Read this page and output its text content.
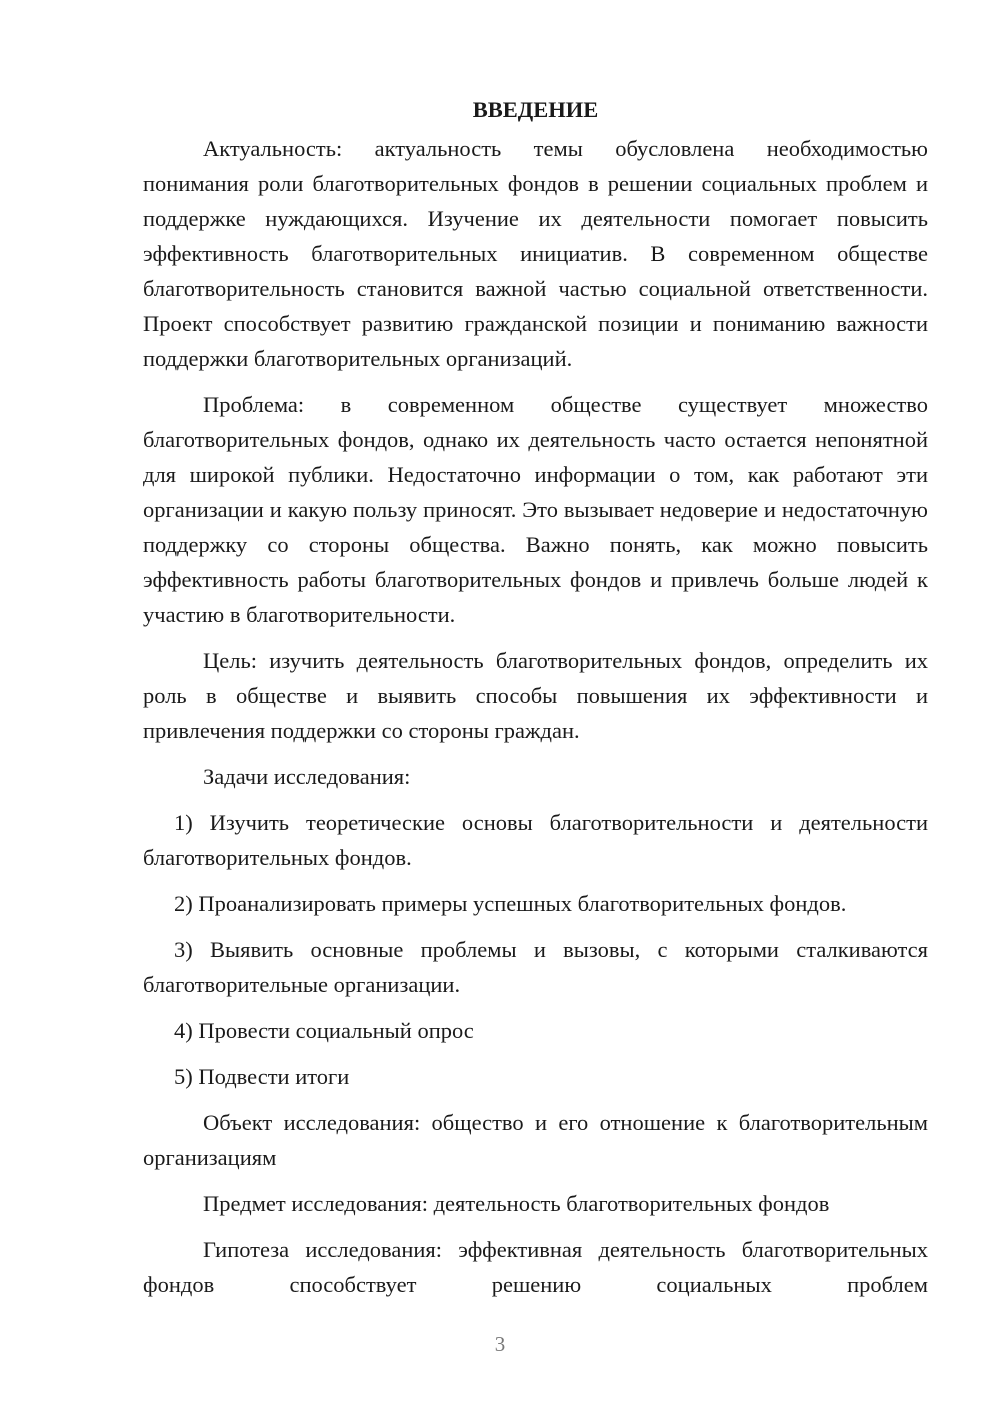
ВВЕДЕНИЕ

Актуальность: актуальность темы обусловлена необходимостью понимания роли благотворительных фондов в решении социальных проблем и поддержке нуждающихся. Изучение их деятельности помогает повысить эффективность благотворительных инициатив. В современном обществе благотворительность становится важной частью социальной ответственности. Проект способствует развитию гражданской позиции и пониманию важности поддержки благотворительных организаций.

Проблема: в современном обществе существует множество благотворительных фондов, однако их деятельность часто остается непонятной для широкой публики. Недостаточно информации о том, как работают эти организации и какую пользу приносят. Это вызывает недоверие и недостаточную поддержку со стороны общества. Важно понять, как можно повысить эффективность работы благотворительных фондов и привлечь больше людей к участию в благотворительности.

Цель: изучить деятельность благотворительных фондов, определить их роль в обществе и выявить способы повышения их эффективности и привлечения поддержки со стороны граждан.

Задачи исследования:

1) Изучить теоретические основы благотворительности и деятельности благотворительных фондов.

2) Проанализировать примеры успешных благотворительных фондов.

3) Выявить основные проблемы и вызовы, с которыми сталкиваются благотворительные организации.

4) Провести социальный опрос

5) Подвести итоги

Объект исследования: общество и его отношение к благотворительным организациям

Предмет исследования: деятельность благотворительных фондов

Гипотеза исследования: эффективная деятельность благотворительных фондов способствует решению социальных проблем

3
